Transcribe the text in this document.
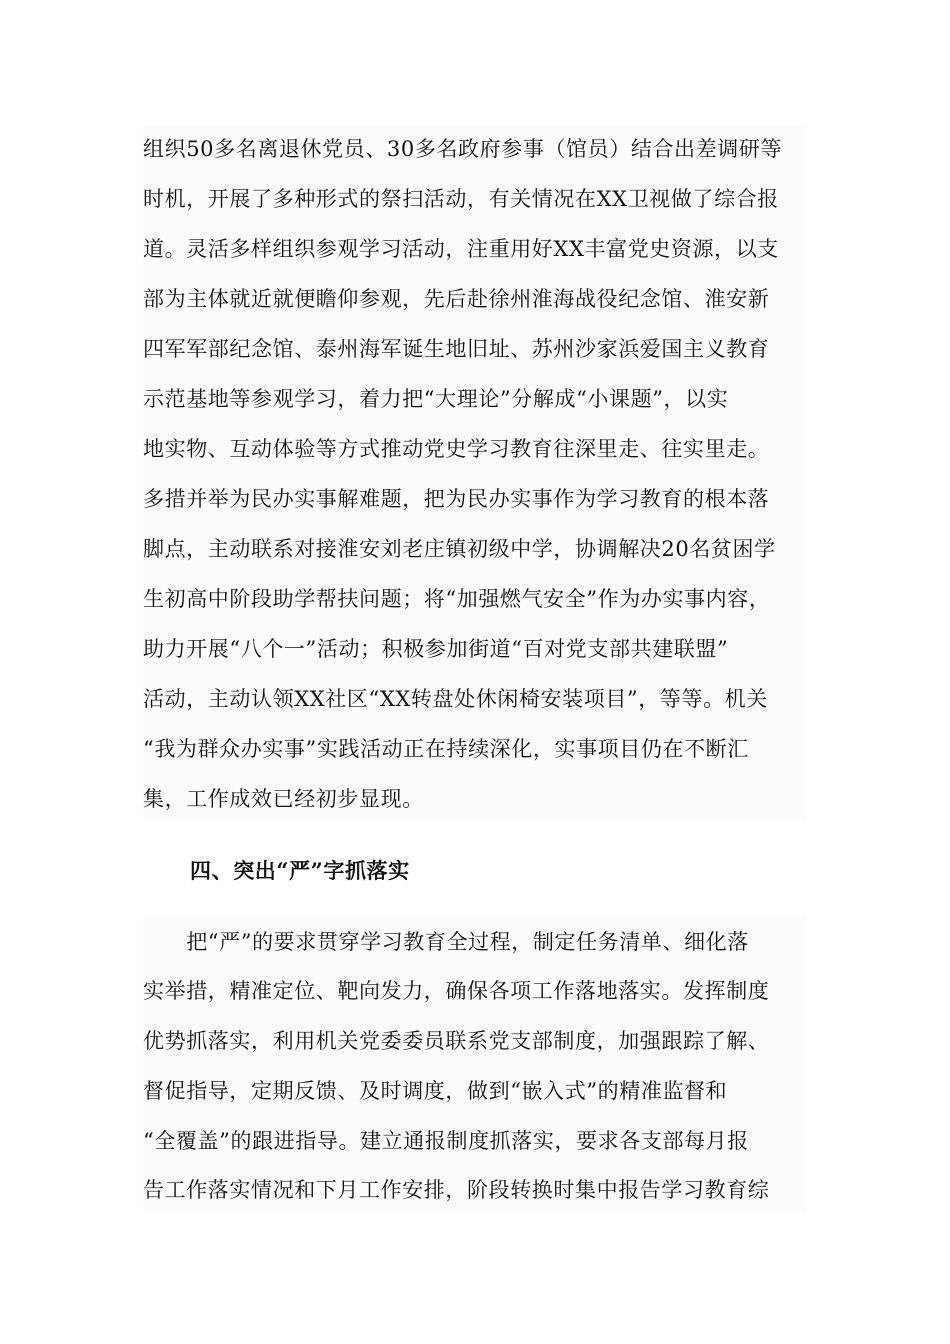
组织50多名离退休党员、30多名政府参事（馆员）结合出差调研等
时机，开展了多种形式的祭扫活动，有关情况在XX卫视做了综合报
道。灵活多样组织参观学习活动，注重用好XX丰富党史资源，以支
部为主体就近就便瞻仰参观，先后赴徐州淮海战役纪念馆、淮安新
四军军部纪念馆、泰州海军诞生地旧址、苏州沙家浜爱国主义教育
示范基地等参观学习，着力把“大理论”分解成“小课题”，以实
地实物、互动体验等方式推动党史学习教育往深里走、往实里走。
多措并举为民办实事解难题，把为民办实事作为学习教育的根本落
脚点，主动联系对接淮安刘老庄镇初级中学，协调解决20名贫困学
生初高中阶段助学帮扶问题；将“加强燃气安全”作为办实事内容，
助力开展“八个一”活动；积极参加街道“百对党支部共建联盟”
活动，主动认领XX社区“XX转盘处休闲椅安装项目”，等等。机关
“我为群众办实事”实践活动正在持续深化，实事项目仍在不断汇
集，工作成效已经初步显现。
四、突出“严”字抓落实
　　把“严”的要求贯穿学习教育全过程，制定任务清单、细化落
实举措，精准定位、靶向发力，确保各项工作落地落实。发挥制度
优势抓落实，利用机关党委委员联系党支部制度，加强跟踪了解、
督促指导，定期反馈、及时调度，做到“嵌入式”的精准监督和
“全覆盖”的跟进指导。建立通报制度抓落实，要求各支部每月报
告工作落实情况和下月工作安排，阶段转换时集中报告学习教育综
